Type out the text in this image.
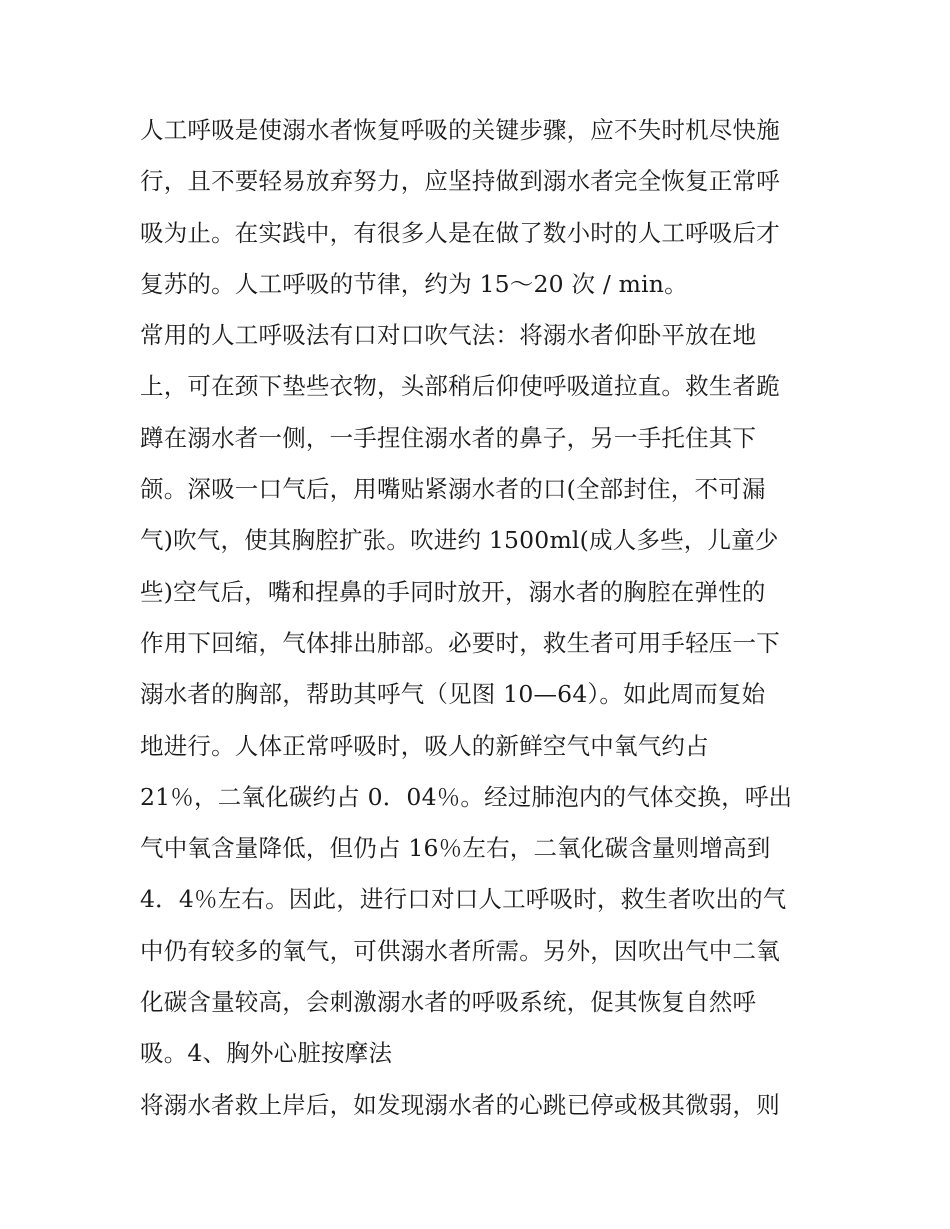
人工呼吸是使溺水者恢复呼吸的关键步骤，应不失时机尽快施
行，且不要轻易放弃努力，应坚持做到溺水者完全恢复正常呼
吸为止。在实践中，有很多人是在做了数小时的人工呼吸后才
复苏的。人工呼吸的节律，约为 15～20 次 / min。
常用的人工呼吸法有口对口吹气法：将溺水者仰卧平放在地
上，可在颈下垫些衣物，头部稍后仰使呼吸道拉直。救生者跪
蹲在溺水者一侧，一手捏住溺水者的鼻子，另一手托住其下
颌。深吸一口气后，用嘴贴紧溺水者的口(全部封住，不可漏
气)吹气，使其胸腔扩张。吹进约 1500ml(成人多些，儿童少
些)空气后，嘴和捏鼻的手同时放开，溺水者的胸腔在弹性的
作用下回缩，气体排出肺部。必要时，救生者可用手轻压一下
溺水者的胸部，帮助其呼气（见图 10—64）。如此周而复始
地进行。人体正常呼吸时，吸人的新鲜空气中氧气约占
21％，二氧化碳约占 0．04％。经过肺泡内的气体交换，呼出
气中氧含量降低，但仍占 16％左右，二氧化碳含量则增高到
4．4％左右。因此，进行口对口人工呼吸时，救生者吹出的气
中仍有较多的氧气，可供溺水者所需。另外，因吹出气中二氧
化碳含量较高，会刺激溺水者的呼吸系统，促其恢复自然呼
吸。4、胸外心脏按摩法
将溺水者救上岸后，如发现溺水者的心跳已停或极其微弱，则
